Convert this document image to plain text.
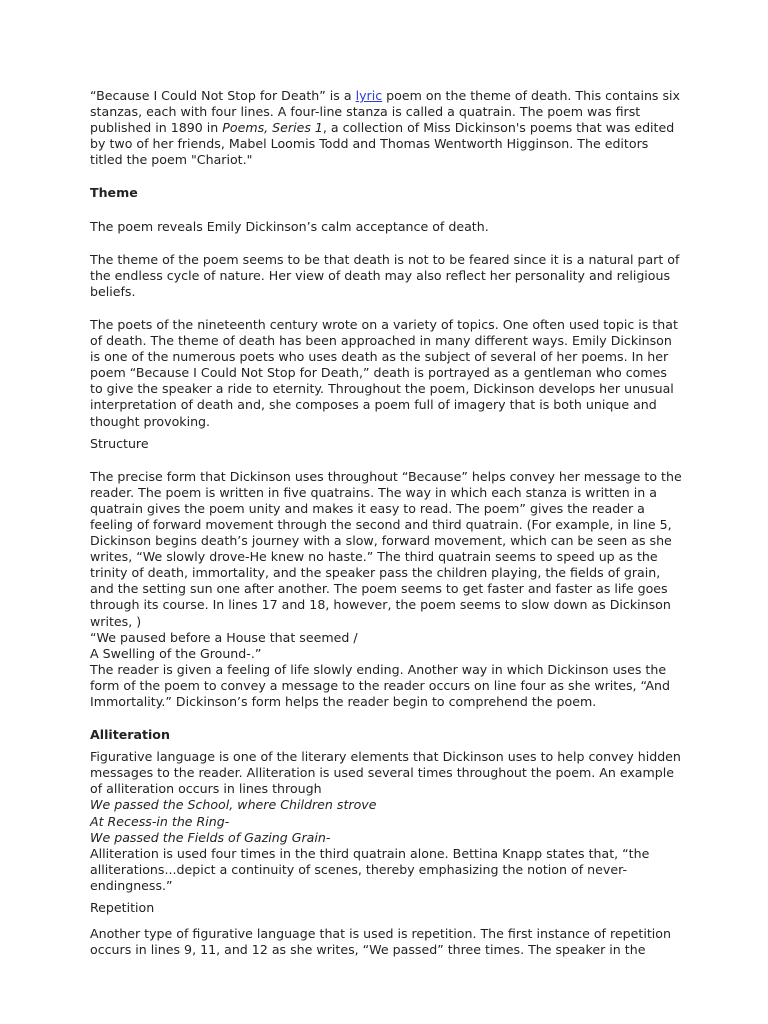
“Because I Could Not Stop for Death” is a lyric poem on the theme of death. This contains six stanzas, each with four lines. A four-line stanza is called a quatrain. The poem was first published in 1890 in Poems, Series 1, a collection of Miss Dickinson's poems that was edited by two of her friends, Mabel Loomis Todd and Thomas Wentworth Higginson. The editors titled the poem "Chariot."

Theme

The poem reveals Emily Dickinson’s calm acceptance of death.

The theme of the poem seems to be that death is not to be feared since it is a natural part of the endless cycle of nature. Her view of death may also reflect her personality and religious beliefs.

The poets of the nineteenth century wrote on a variety of topics. One often used topic is that of death. The theme of death has been approached in many different ways. Emily Dickinson is one of the numerous poets who uses death as the subject of several of her poems. In her poem “Because I Could Not Stop for Death,” death is portrayed as a gentleman who comes to give the speaker a ride to eternity. Throughout the poem, Dickinson develops her unusual interpretation of death and, she composes a poem full of imagery that is both unique and thought provoking.

Structure

The precise form that Dickinson uses throughout “Because” helps convey her message to the reader. The poem is written in five quatrains. The way in which each stanza is written in a quatrain gives the poem unity and makes it easy to read. The poem” gives the reader a feeling of forward movement through the second and third quatrain. (For example, in line 5, Dickinson begins death’s journey with a slow, forward movement, which can be seen as she writes, “We slowly drove-He knew no haste.” The third quatrain seems to speed up as the trinity of death, immortality, and the speaker pass the children playing, the fields of grain, and the setting sun one after another. The poem seems to get faster and faster as life goes through its course. In lines 17 and 18, however, the poem seems to slow down as Dickinson writes, )
“We paused before a House that seemed /
A Swelling of the Ground-.”
The reader is given a feeling of life slowly ending. Another way in which Dickinson uses the form of the poem to convey a message to the reader occurs on line four as she writes, “And Immortality.” Dickinson’s form helps the reader begin to comprehend the poem.

Alliteration

Figurative language is one of the literary elements that Dickinson uses to help convey hidden messages to the reader. Alliteration is used several times throughout the poem. An example of alliteration occurs in lines through
We passed the School, where Children strove
At Recess-in the Ring-
We passed the Fields of Gazing Grain-
Alliteration is used four times in the third quatrain alone. Bettina Knapp states that, “the alliterations...depict a continuity of scenes, thereby emphasizing the notion of never-endingness.”

Repetition

Another type of figurative language that is used is repetition. The first instance of repetition occurs in lines 9, 11, and 12 as she writes, “We passed” three times. The speaker in the
